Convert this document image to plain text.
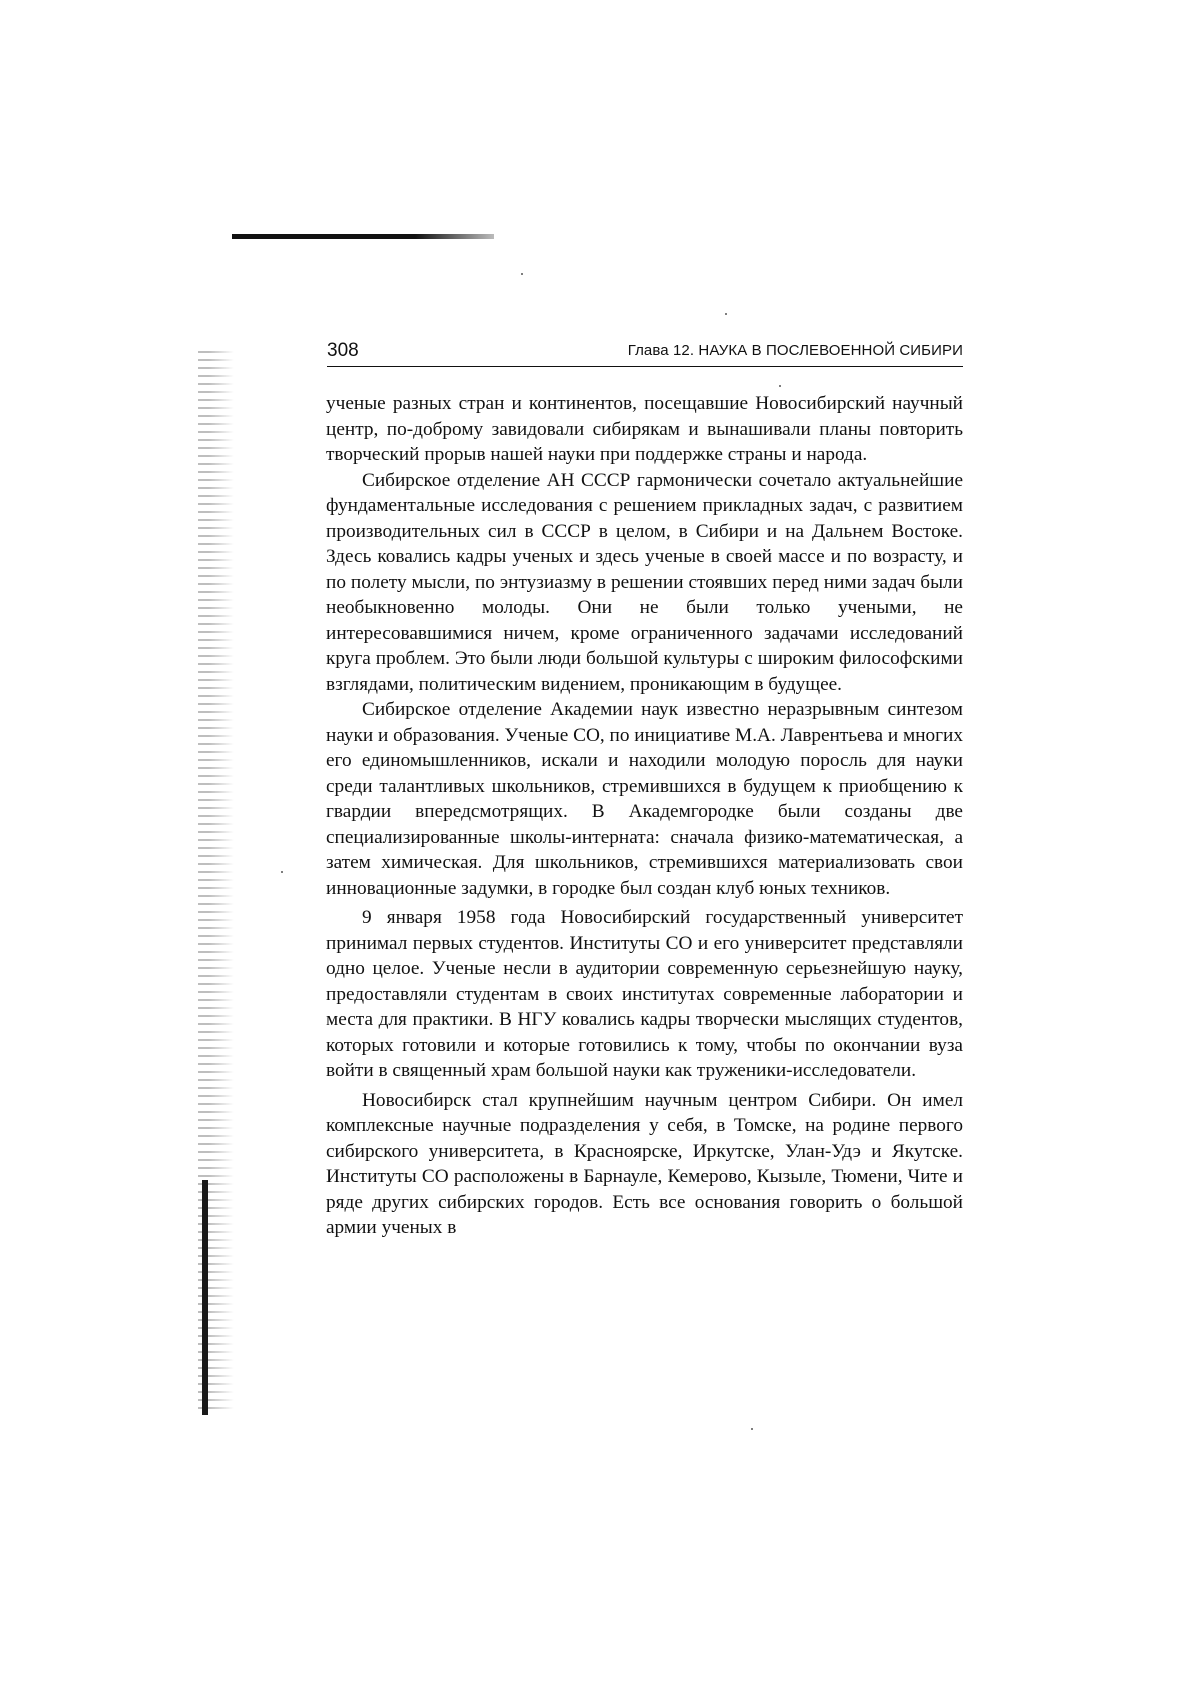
308	Глава 12. НАУКА В ПОСЛЕВОЕННОЙ СИБИРИ

ученые разных стран и континентов, посещавшие Новосибирский научный центр, по-доброму завидовали сибирякам и вынашивали планы повторить творческий прорыв нашей науки при поддержке страны и народа.

Сибирское отделение АН СССР гармонически сочетало актуальнейшие фундаментальные исследования с решением прикладных задач, с развитием производительных сил в СССР в целом, в Сибири и на Дальнем Востоке. Здесь ковались кадры ученых и здесь ученые в своей массе и по возрасту, и по полету мысли, по энтузиазму в решении стоявших перед ними задач были необыкновенно молоды. Они не были только учеными, не интересовавшимися ничем, кроме ограниченного задачами исследований круга проблем. Это были люди большой культуры с широким философскими взглядами, политическим видением, проникающим в будущее.

Сибирское отделение Академии наук известно неразрывным синтезом науки и образования. Ученые СО, по инициативе М.А. Лаврентьева и многих его единомышленников, искали и находили молодую поросль для науки среди талантливых школьников, стремившихся в будущем к приобщению к гвардии впередсмотрящих. В Академгородке были созданы две специализированные школы-интерната: сначала физико-математическая, а затем химическая. Для школьников, стремившихся материализовать свои инновационные задумки, в городке был создан клуб юных техников.

9 января 1958 года Новосибирский государственный университет принимал первых студентов. Институты СО и его университет представляли одно целое. Ученые несли в аудитории современную серьезнейшую науку, предоставляли студентам в своих институтах современные лаборатории и места для практики. В НГУ ковались кадры творчески мыслящих студентов, которых готовили и которые готовились к тому, чтобы по окончании вуза войти в священный храм большой науки как труженики-исследователи.

Новосибирск стал крупнейшим научным центром Сибири. Он имел комплексные научные подразделения у себя, в Томске, на родине первого сибирского университета, в Красноярске, Иркутске, Улан-Удэ и Якутске. Институты СО расположены в Барнауле, Кемерово, Кызыле, Тюмени, Чите и ряде других сибирских городов. Есть все основания говорить о большой армии ученых в
